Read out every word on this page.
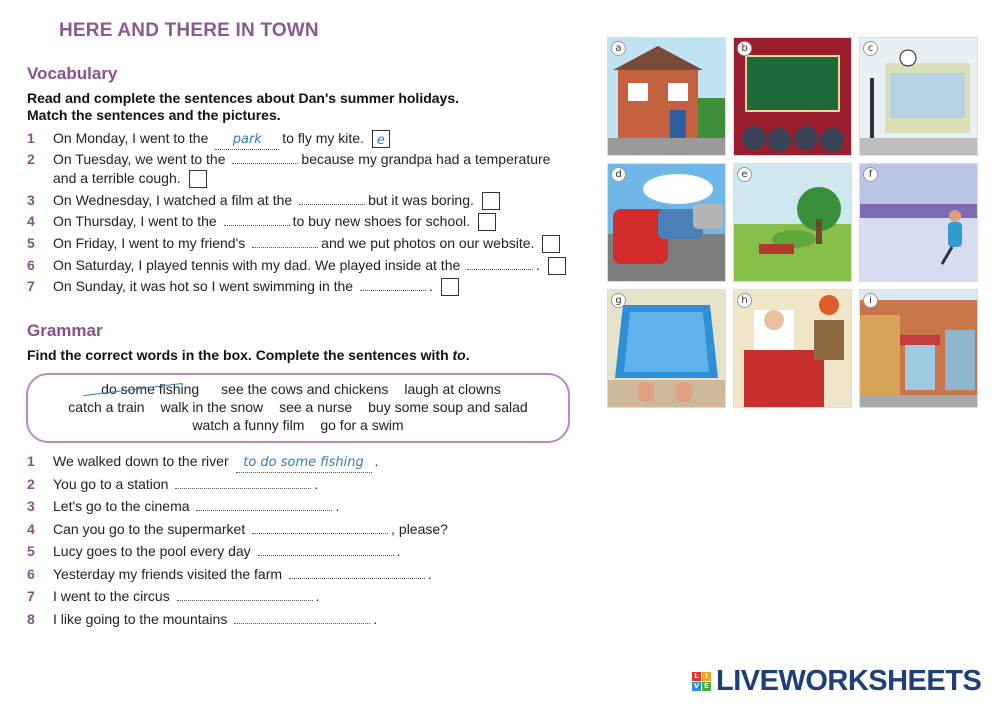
HERE AND THERE IN TOWN
Vocabulary
Read and complete the sentences about Dan's summer holidays.
Match the sentences and the pictures.
1 On Monday, I went to the park to fly my kite. e
2 On Tuesday, we went to the	because my grandpa had a temperature
and a terrible cough.
3 On Wednesday, I watched a film at the	but it was boring.
4 On Thursday, I went to the	to buy new shoes for school.
5 On Friday, I went to my friend's	and we put photos on our website.
6 On Saturday, I played tennis with my dad. We played inside at the	.
7 On Sunday, it was hot so I went swimming in the	.
Grammar
Find the correct words in the box. Complete the sentences with to.
do some fishing see the cows and chickens laugh at clowns
catch a train walk in the snow see a nurse buy some soup and salad
watch a funny film go for a swim
1 We walked down to the river to do some fishing .
2 You go to a station	.
3 Let's go to the cinema	.
4 Can you go to the supermarket	, please?
5 Lucy goes to the pool every day	.
6 Yesterday my friends visited the farm	.
7 I went to the circus	.
8 I like going to the mountains	.
a	b	c
d	e	f
g	h	i
L I
V E LIVEWORKSHEETS
